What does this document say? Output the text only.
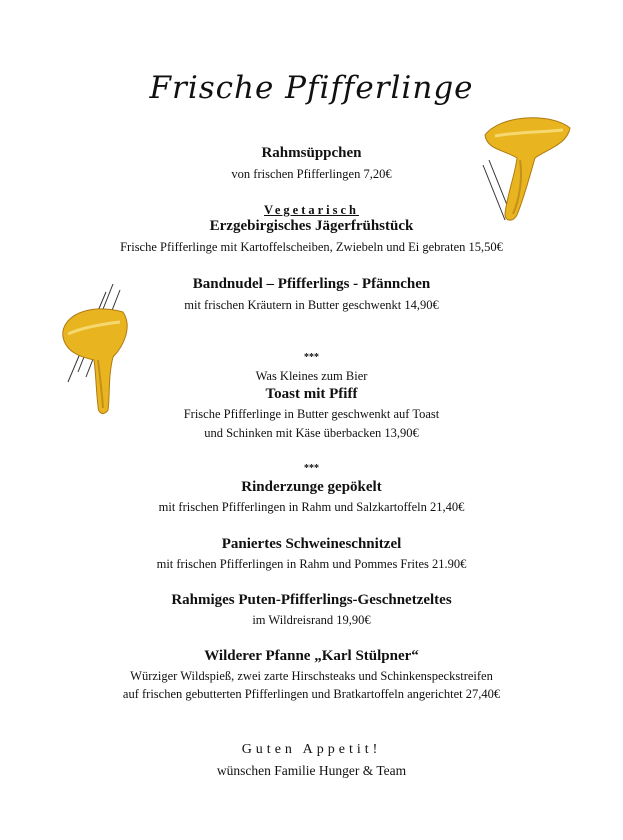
Frische Pfifferlinge
Rahmsüppchen
von frischen Pfifferlingen 7,20€
Vegetarisch
Erzgebirgisches Jägerfrühstück
Frische Pfifferlinge mit Kartoffelscheiben, Zwiebeln und Ei gebraten 15,50€
Bandnudel – Pfifferlings - Pfännchen
mit frischen Kräutern in Butter geschwenkt 14,90€
***
Was Kleines zum Bier
Toast mit Pfiff
Frische Pfifferlinge in Butter geschwenkt auf Toast
und Schinken mit Käse überbacken 13,90€
***
Rinderzunge gepökelt
mit frischen Pfifferlingen in Rahm und Salzkartoffeln 21,40€
Paniertes Schweineschnitzel
mit frischen Pfifferlingen in Rahm und Pommes Frites 21.90€
Rahmiges Puten-Pfifferlings-Geschnetzeltes
im Wildreisrand 19,90€
Wilderer Pfanne „Karl Stülpner“
Würziger Wildspieß, zwei zarte Hirschsteaks und Schinkenspeckstreifen
auf frischen gebutterten Pfifferlingen und Bratkartoffeln angerichtet 27,40€
Guten Appetit!
wünschen Familie Hunger & Team
